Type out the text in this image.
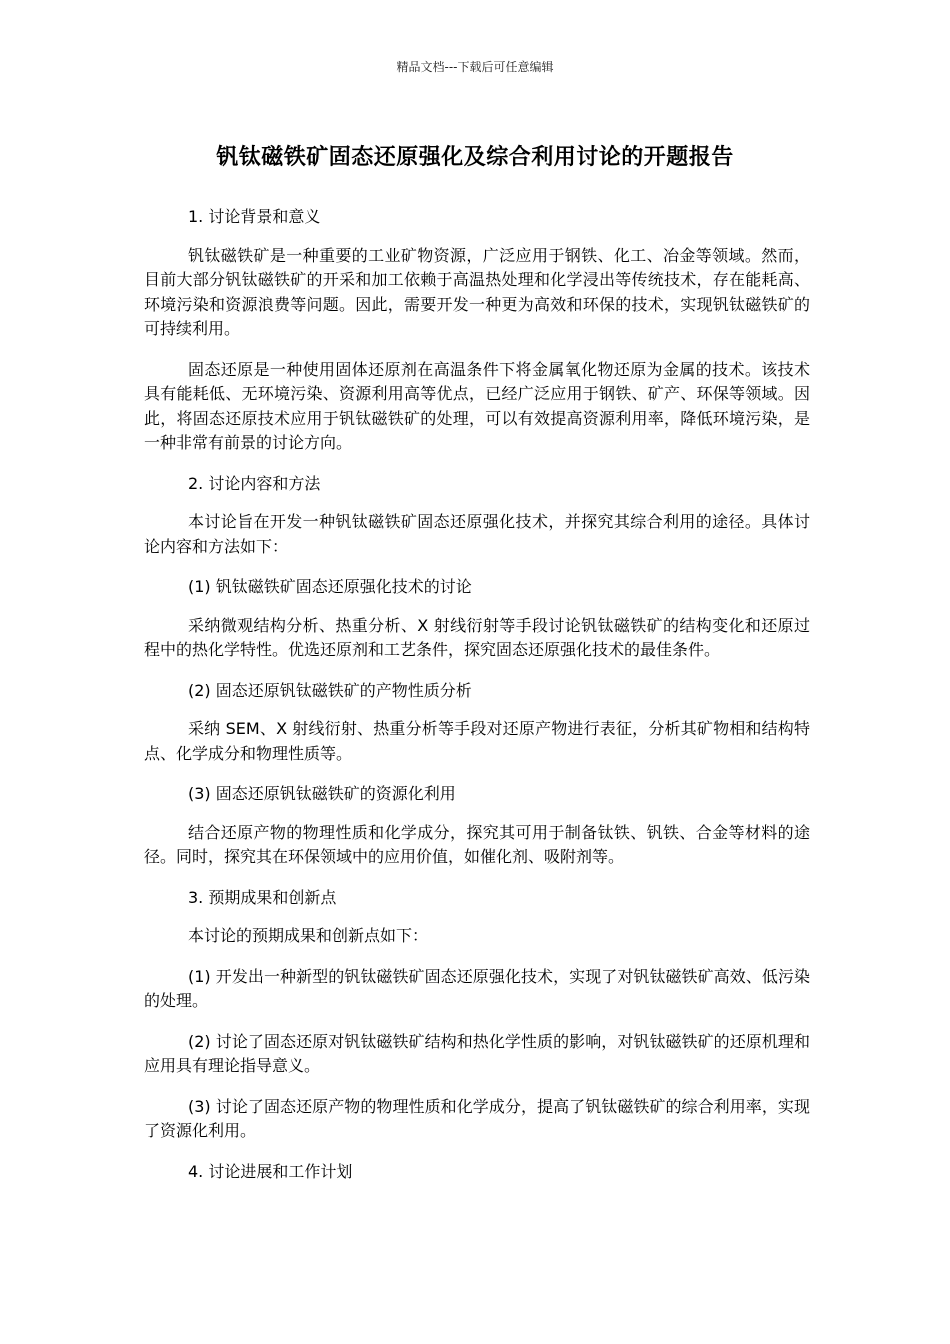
精品文档---下载后可任意编辑
钒钛磁铁矿固态还原强化及综合利用讨论的开题报告

1. 讨论背景和意义

钒钛磁铁矿是一种重要的工业矿物资源，广泛应用于钢铁、化工、冶金等领域。然而，目前大部分钒钛磁铁矿的开采和加工依赖于高温热处理和化学浸出等传统技术，存在能耗高、环境污染和资源浪费等问题。因此，需要开发一种更为高效和环保的技术，实现钒钛磁铁矿的可持续利用。

固态还原是一种使用固体还原剂在高温条件下将金属氧化物还原为金属的技术。该技术具有能耗低、无环境污染、资源利用高等优点，已经广泛应用于钢铁、矿产、环保等领域。因此，将固态还原技术应用于钒钛磁铁矿的处理，可以有效提高资源利用率，降低环境污染，是一种非常有前景的讨论方向。

2. 讨论内容和方法

本讨论旨在开发一种钒钛磁铁矿固态还原强化技术，并探究其综合利用的途径。具体讨论内容和方法如下：

(1) 钒钛磁铁矿固态还原强化技术的讨论

采纳微观结构分析、热重分析、X 射线衍射等手段讨论钒钛磁铁矿的结构变化和还原过程中的热化学特性。优选还原剂和工艺条件，探究固态还原强化技术的最佳条件。

(2) 固态还原钒钛磁铁矿的产物性质分析

采纳 SEM、X 射线衍射、热重分析等手段对还原产物进行表征，分析其矿物相和结构特点、化学成分和物理性质等。

(3) 固态还原钒钛磁铁矿的资源化利用

结合还原产物的物理性质和化学成分，探究其可用于制备钛铁、钒铁、合金等材料的途径。同时，探究其在环保领域中的应用价值，如催化剂、吸附剂等。

3. 预期成果和创新点

本讨论的预期成果和创新点如下：

(1) 开发出一种新型的钒钛磁铁矿固态还原强化技术，实现了对钒钛磁铁矿高效、低污染的处理。

(2) 讨论了固态还原对钒钛磁铁矿结构和热化学性质的影响，对钒钛磁铁矿的还原机理和应用具有理论指导意义。

(3) 讨论了固态还原产物的物理性质和化学成分，提高了钒钛磁铁矿的综合利用率，实现了资源化利用。

4. 讨论进展和工作计划
